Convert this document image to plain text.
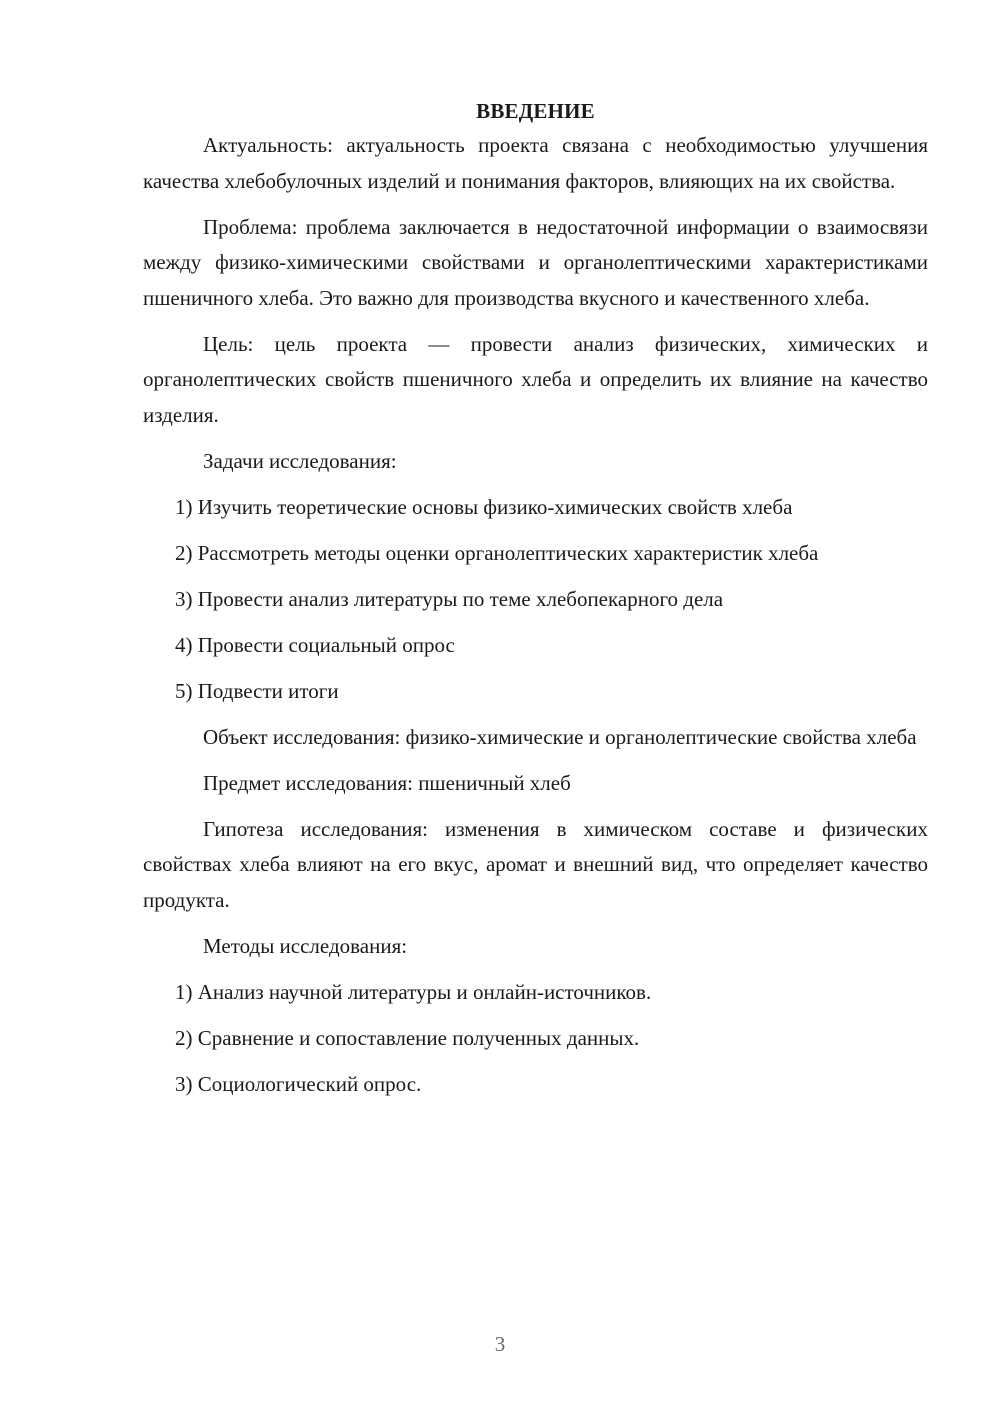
ВВЕДЕНИЕ

Актуальность: актуальность проекта связана с необходимостью улучшения качества хлебобулочных изделий и понимания факторов, влияющих на их свойства.

Проблема: проблема заключается в недостаточной информации о взаимосвязи между физико-химическими свойствами и органолептическими характеристиками пшеничного хлеба. Это важно для производства вкусного и качественного хлеба.

Цель: цель проекта — провести анализ физических, химических и органолептических свойств пшеничного хлеба и определить их влияние на качество изделия.

Задачи исследования:

1) Изучить теоретические основы физико-химических свойств хлеба

2) Рассмотреть методы оценки органолептических характеристик хлеба

3) Провести анализ литературы по теме хлебопекарного дела

4) Провести социальный опрос

5) Подвести итоги

Объект исследования: физико-химические и органолептические свойства хлеба

Предмет исследования: пшеничный хлеб

Гипотеза исследования: изменения в химическом составе и физических свойствах хлеба влияют на его вкус, аромат и внешний вид, что определяет качество продукта.

Методы исследования:

1) Анализ научной литературы и онлайн-источников.

2) Сравнение и сопоставление полученных данных.

3) Социологический опрос.

3
